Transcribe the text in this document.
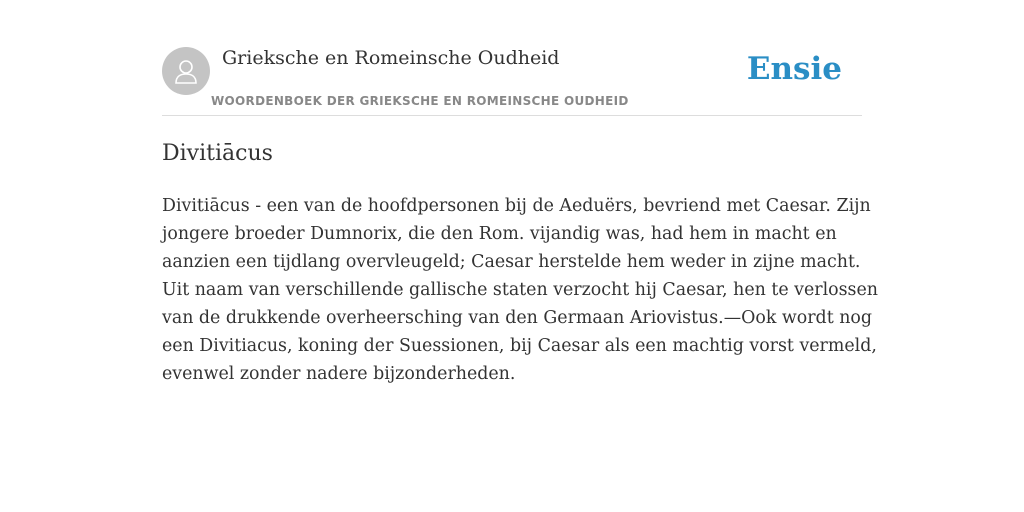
Grieksche en Romeinsche Oudheid
WOORDENBOEK DER GRIEKSCHE EN ROMEINSCHE OUDHEID
Ensie
Divitiācus
Divitiācus - een van de hoofdpersonen bij de Aeduërs, bevriend met Caesar. Zijn
jongere broeder Dumnorix, die den Rom. vijandig was, had hem in macht en
aanzien een tijdlang overvleugeld; Caesar herstelde hem weder in zijne macht.
Uit naam van verschillende gallische staten verzocht hij Caesar, hen te verlossen
van de drukkende overheersching van den Germaan Ariovistus.—Ook wordt nog
een Divitiacus, koning der Suessionen, bij Caesar als een machtig vorst vermeld,
evenwel zonder nadere bijzonderheden.
